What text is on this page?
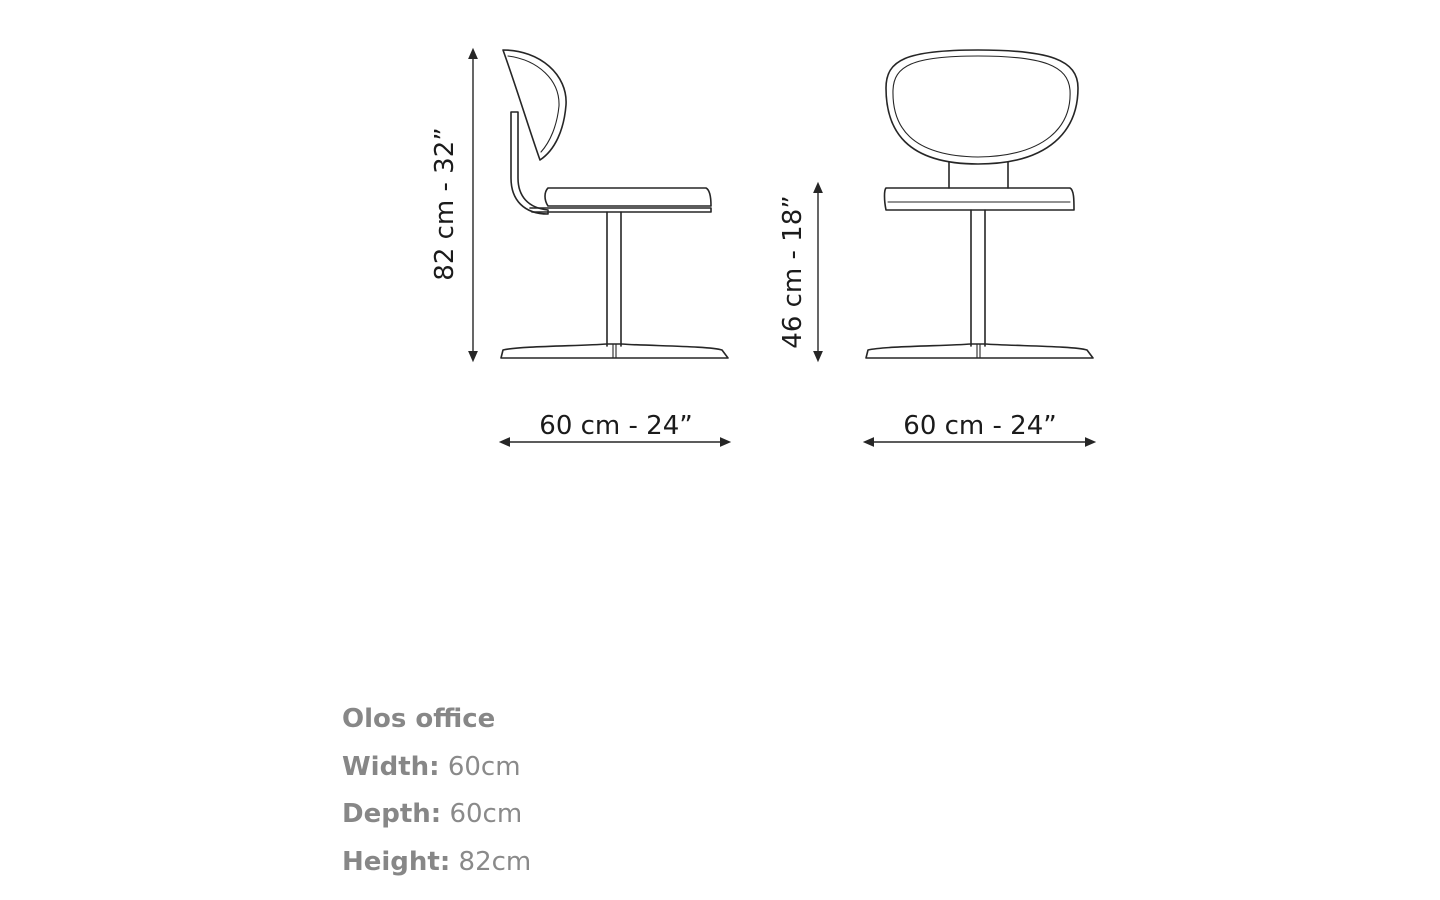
82 cm - 32”
60 cm - 24”
46 cm - 18”
60 cm - 24”
Olos office
Width: 60cm
Depth: 60cm
Height: 82cm
